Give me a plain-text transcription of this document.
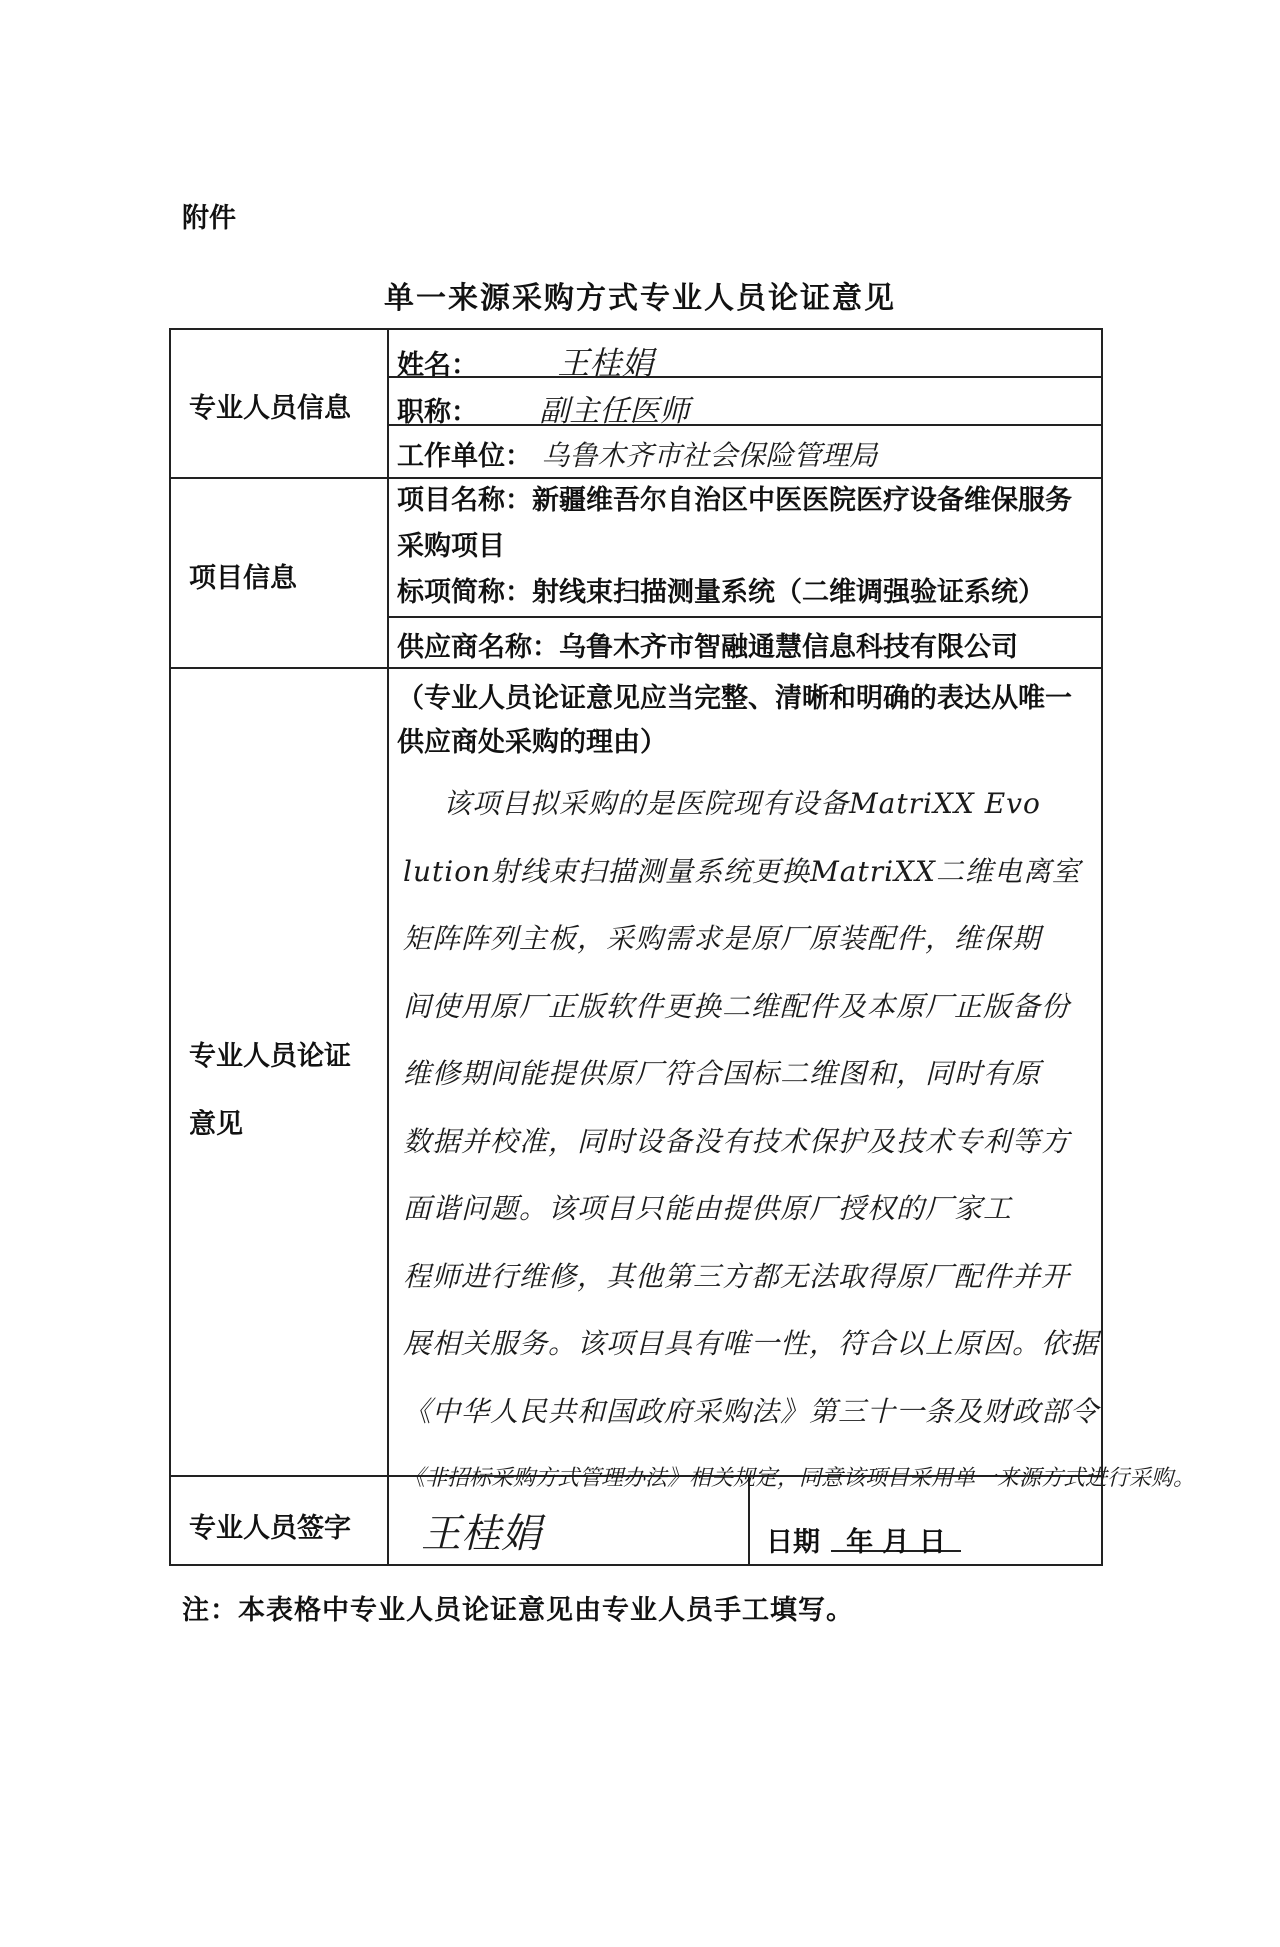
附件
单一来源采购方式专业人员论证意见
专业人员信息
姓名： 王桂娟
职称： 副主任医师
工作单位： 乌鲁木齐市社会保险管理局
项目信息
项目名称：新疆维吾尔自治区中医医院医疗设备维保服务采购项目
标项简称：射线束扫描测量系统（二维调强验证系统）
供应商名称：乌鲁木齐市智融通慧信息科技有限公司
专业人员论证
意见
（专业人员论证意见应当完整、清晰和明确的表达从唯一供应商处采购的理由）
该项目拟采购的是医院现有设备MatriXX Evo
lution射线束扫描测量系统更换MatriXX二维电离室
矩阵阵列主板，采购需求是原厂原装配件，维保期
间使用原厂正版软件更换二维配件及本原厂正版备份
维修期间能提供原厂符合国标二维图和，同时有原
数据并校准，同时设备没有技术保护及技术专利等方
面谐问题。该项目只能由提供原厂授权的厂家工
程师进行维修，其他第三方都无法取得原厂配件并开
展相关服务。该项目具有唯一性，符合以上原因。依据
《中华人民共和国政府采购法》第三十一条及财政部令
《非招标采购方式管理办法》相关规定，同意该项目采用单一来源方式进行采购。
专业人员签字	王桂娟	日期 年 月 日
注：本表格中专业人员论证意见由专业人员手工填写。
